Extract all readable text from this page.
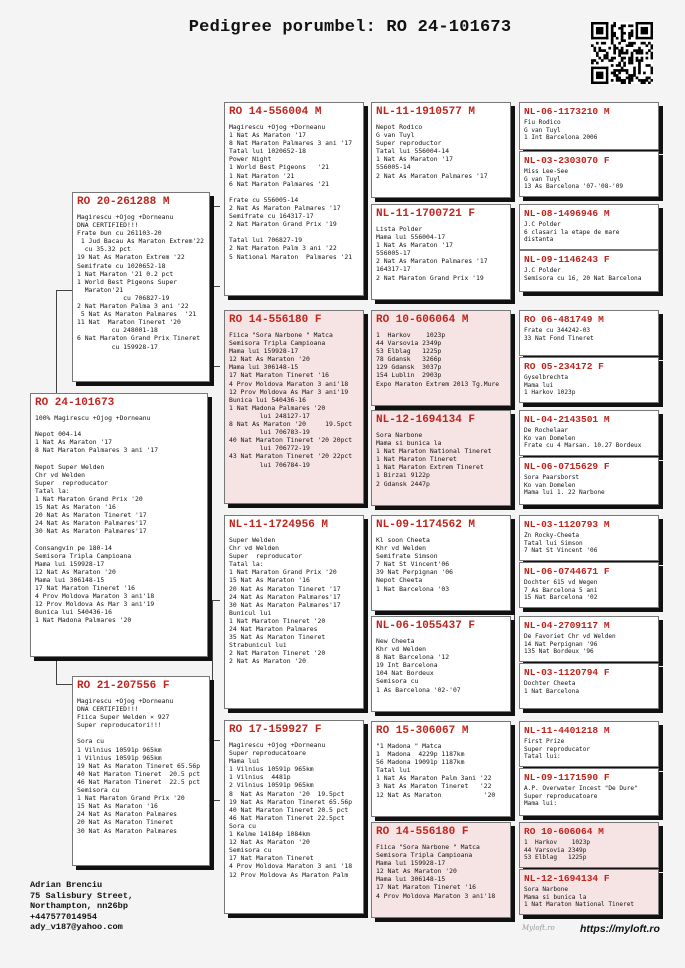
Pedigree porumbel: RO 24-101673
RO 24-101673
100% Magirescu +Ojog +Dorneanu

Nepot 004-14
1 Nat As Maraton '17
8 Nat Maraton Palmares 3 ani '17

Nepot Super Welden
Chr vd Welden
Super  reproducator
Tatal la:
1 Nat Maraton Grand Prix '20
15 Nat As Maraton '16
20 Nat As Maraton Tineret '17
24 Nat As Maraton Palmares'17
30 Nat As Maraton Palmares'17

Consangvin pe 180-14
Semisora Tripla Campioana
Mama lui 159928-17
12 Nat As Maraton '20
Mama lui 306148-15
17 Nat Maraton Tineret '16
4 Prov Moldova Maraton 3 ani'18
12 Prov Moldova As Mar 3 ani'19
Bunica lui 540436-16
1 Nat Madona Palmares '20
RO 20-261288 M
Magirescu +Ojog +Dorneanu
DNA CERTIFIED!!!
Frate bun cu 261103-20
1 Jud Bacau As Maraton Extrem'22
cu 35.32 pct
19 Nat As Maraton Extrem '22
Semifrate cu 1020652-18
1 Nat Maraton '21 0.2 pct
1 World Best Pigeons Super
Maraton'21
cu 706827-19
2 Nat Maraton Palma 3 ani '22
5 Nat As Maraton Palmares  '21
11 Nat  Maraton Tineret '20
cu 248001-18
6 Nat Maraton Grand Prix Tineret
cu 159928-17
RO 21-207556 F
Magirescu +Ojog +Dorneanu
DNA CERTIFIED!!!
Fiica Super Welden × 927
Super reproducatori!!!

Sora cu
1 Vilnius 10591p 965km
1 Vilnius 10591p 965km
19 Nat As Maraton Tineret 65.56p
40 Nat Maraton Tineret  20.5 pct
46 Nat Maraton Tineret  22.5 pct
Semisora cu
1 Nat Maraton Grand Prix '20
15 Nat As Maraton '16
24 Nat As Maraton Palmares
20 Nat As Maraton Tineret
30 Nat As Maraton Palmares
RO 14-556004 M
Magirescu +Ojog +Dorneanu
1 Nat As Maraton '17
8 Nat Maraton Palmares 3 ani '17
Tatal lui 1020652-18
Power Night
1 World Best Pigeons   '21
1 Nat Maraton '21
6 Nat Maraton Palmares '21

Frate cu 556005-14
2 Nat As Maraton Palmares '17
Semifrate cu 164317-17
2 Nat Maraton Grand Prix '19

Tatal lui 706827-19
2 Nat Maraton Palm 3 ani '22
5 National Maraton  Palmares '21
RO 14-556180 F
Fiica "Sora Narbone " Matca
Semisora Tripla Campioana
Mama lui 159928-17
12 Nat As Maraton '20
Mama lui 306148-15
17 Nat Maraton Tineret '16
4 Prov Moldova Maraton 3 ani'18
12 Prov Moldova As Mar 3 ani'19
Bunica lui 540436-16
1 Nat Madona Palmares '20
lui 248127-17
8 Nat As Maraton '20     19.5pct
lui 706783-19
40 Nat Maraton Tineret '20 20pct
lui 706772-19
43 Nat Maraton Tineret '20 22pct
lui 706784-19
NL-11-1724956 M
Super Welden
Chr vd Welden
Super  reproducator
Tatal la:
1 Nat Maraton Grand Prix '20
15 Nat As Maraton '16
20 Nat As Maraton Tineret '17
24 Nat As Maraton Palmares'17
30 Nat As Maraton Palmares'17
Bunicul lui
1 Nat Maraton Tineret '20
24 Nat Maraton Palmares
35 Nat As Maraton Tineret
Strabunicul lui
2 Nat Maraton Tineret '20
2 Nat As Maraton '20
RO 17-159927 F
Magirescu +Ojog +Dorneanu
Super reproducatoare
Mama lui
1 Vilnius 10591p 965km
1 Vilnius  4481p
2 Vilnius 10591p 965km
8  Nat As Maraton '20  19.5pct
19 Nat As Maraton Tineret 65.56p
40 Nat Maraton Tineret 20.5 pct
46 Nat Maraton Tineret 22.5pct
Sora cu
1 Kelme 14184p 1084km
12 Nat As Maraton '20
Semisora cu
17 Nat Maraton Tineret
4 Prov Moldova Maraton 3 ani '18
12 Prov Moldova As Maraton Palm
NL-11-1910577 M
Nepot Rodico
G van Tuyl
Super reproductor
Tatal lui 556004-14
1 Nat As Maraton '17
556005-14
2 Nat As Maraton Palmares '17
NL-11-1700721 F
Lista Polder
Mama lui 556004-17
1 Nat As Maraton '17
556005-17
2 Nat As Maraton Palmares '17
164317-17
2 Nat Maraton Grand Prix '19
RO 10-606064 M
1  Harkov    1023p
44 Varsovia 2349p
53 Elblag   1225p
78 Gdansk   3266p
129 Gdansk  3037p
154 Lublin  2903p
Expo Maraton Extrem 2013 Tg.Mure
NL-12-1694134 F
Sora Narbone
Mama si bunica la
1 Nat Maraton National Tineret
1 Nat Maraton Tineret
1 Nat Maraton Extrem Tineret
1 Birzai 9122p
2 Gdansk 2447p
NL-09-1174562 M
Kl soon Cheeta
Khr vd Welden
Semifrate Simson
7 Nat St Vincent'06
39 Nat Perpignan '06
Nepot Cheeta
1 Nat Barcelona '03
NL-06-1055437 F
New Cheeta
Khr vd Welden
8 Nat Barcelona '12
19 Int Barcelona
104 Nat Bordeux
Semisora cu
1 As Barcelona '02-'07
RO 15-306067 M
"1 Madona " Matca
1  Madona  4229p 1187km
56 Madona 19091p 1187km
Tatal lui
1 Nat As Maraton Palm 3ani '22
3 Nat As Maraton Tineret   '22
12 Nat As Maraton           '20
RO 14-556180 F
Fiica "Sora Narbone " Matca
Semisora Tripla Campioana
Mama lui 159928-17
12 Nat As Maraton '20
Mama lui 306148-15
17 Nat Maraton Tineret '16
4 Prov Moldova Maraton 3 ani'18
NL-06-1173210 M
Fiu Rodico
G van Tuyl
1 Int Barcelona 2006
NL-03-2303070 F
Miss Lee-See
G van Tuyl
13 As Barcelona '07-'08-'09
NL-08-1496946 M
J.C Polder
6 clasari la etape de mare
distanta
NL-09-1146243 F
J.C Polder
Semisora cu 16, 20 Nat Barcelona
RO 06-481749 M
Frate cu 344242-03
33 Nat Fond Tineret
RO 05-234172 F
Gyselbrechta
Mama lui
1 Harkov 1023p
NL-04-2143501 M
De Rochelaar
Ko van Domelen
Frate cu 4 Marsan. 10.27 Bordeux
NL-06-0715629 F
Sora Paarsborst
Ko van Domelen
Mama lui 1. 22 Narbone
NL-03-1120793 M
Zn Rocky-Cheeta
Tatal lui Simson
7 Nat St Vincent '06
NL-06-0744671 F
Dochter 615 vd Wegen
7 As Barcelona 5 ani
15 Nat Barcelona '02
NL-04-2709117 M
De Favoriet Chr vd Welden
14 Nat Perpignan '96
135 Nat Bordeux '96
NL-03-1120794 F
Dochter Cheeta
1 Nat Barcelona
NL-11-4401218 M
First Prize
Super reproducator
Tatal lui:
NL-09-1171590 F
A.P. Overwater Incest "De Dure"
Super reproducatoare
Mama lui:
RO 10-606064 M
1  Harkov    1023p
44 Varsovia 2349p
53 Elblag   1225p
NL-12-1694134 F
Sora Narbone
Mama si bunica la
1 Nat Maraton National Tineret
Adrian Brenciu
75 Salisbury Street,
Northampton, nn26bp
+447577014954
ady_v187@yahoo.com	Myloft.ro https://myloft.ro
